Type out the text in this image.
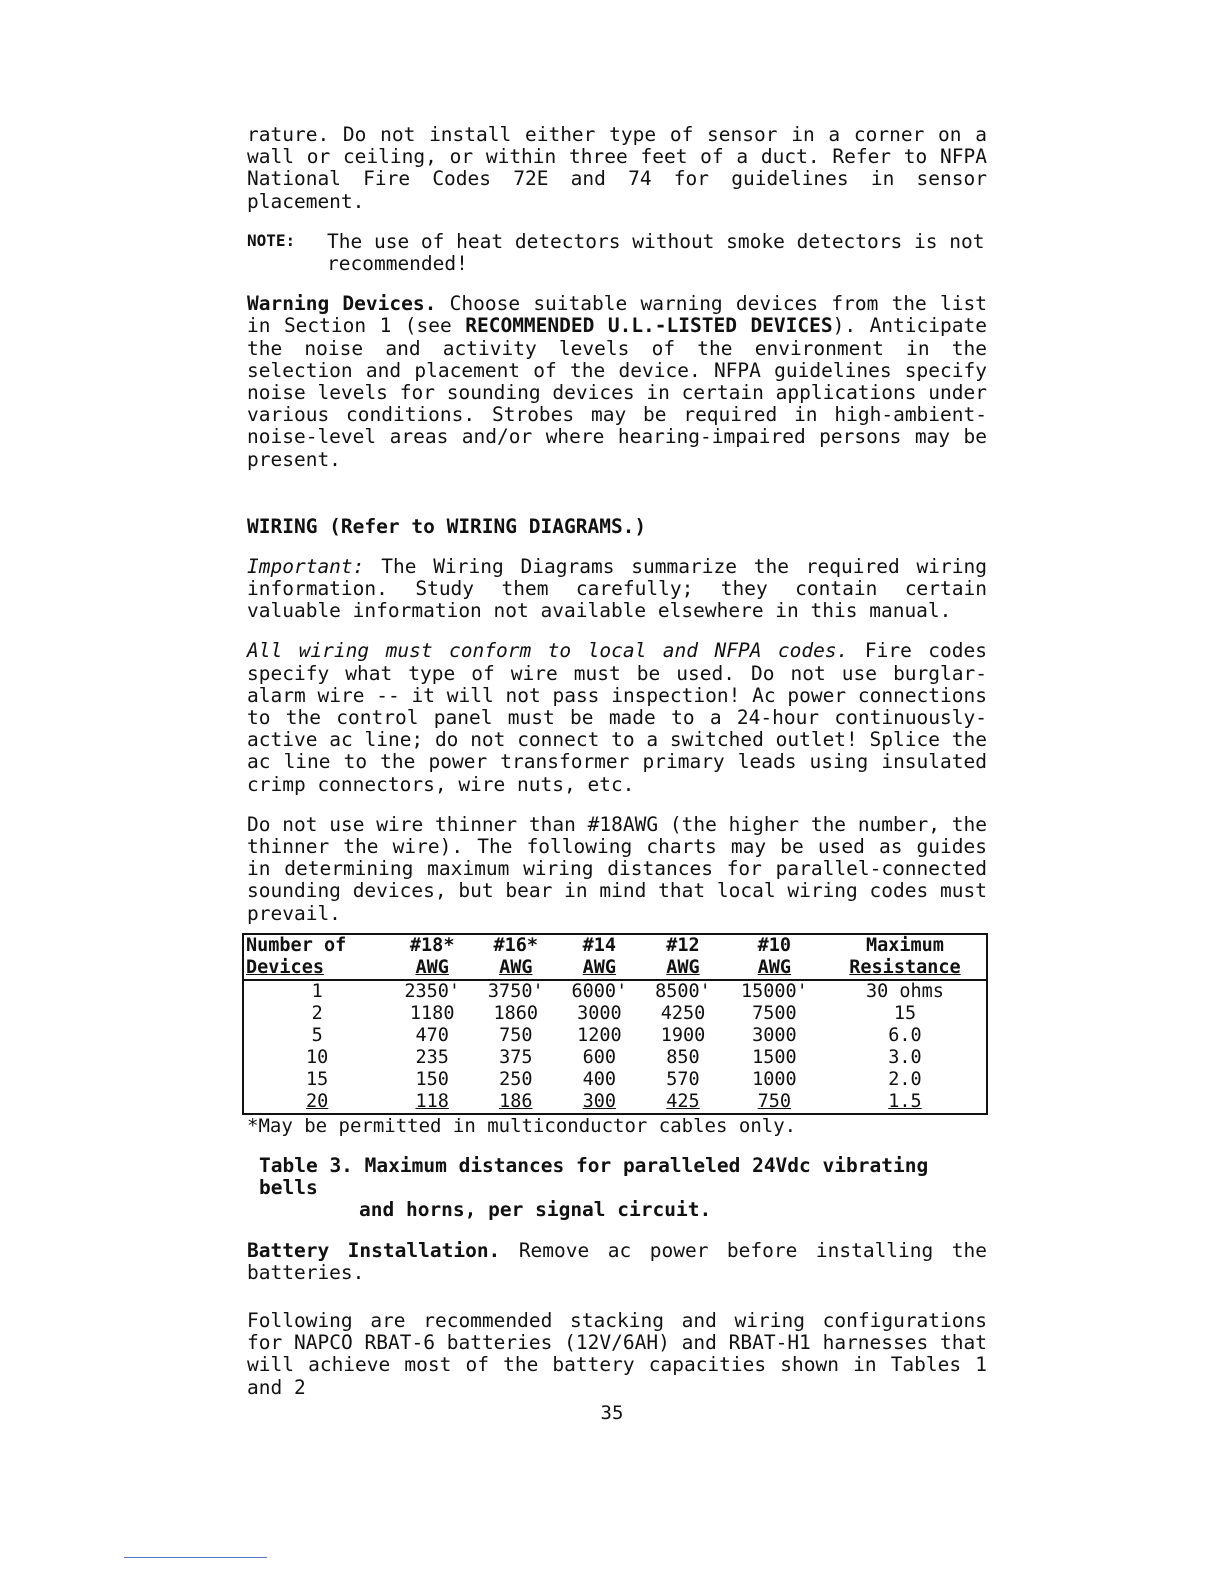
rature. Do not install either type of sensor in a corner on a wall or ceiling, or within three feet of a duct. Refer to NFPA National Fire Codes 72E and 74 for guidelines in sensor placement.

NOTE:	The use of heat detectors without smoke detectors is not recommended!

Warning Devices. Choose suitable warning devices from the list in Section 1 (see RECOMMENDED U.L.-LISTED DEVICES). Anticipate the noise and activity levels of the environment in the selection and placement of the device. NFPA guidelines specify noise levels for sounding devices in certain applications under various conditions. Strobes may be required in high-ambient-noise-level areas and/or where hearing-impaired persons may be present.

WIRING (Refer to WIRING DIAGRAMS.)

Important: The Wiring Diagrams summarize the required wiring information. Study them carefully; they contain certain valuable information not available elsewhere in this manual.

All wiring must conform to local and NFPA codes. Fire codes specify what type of wire must be used. Do not use burglar-alarm wire -- it will not pass inspection! Ac power connections to the control panel must be made to a 24-hour continuously-active ac line; do not connect to a switched outlet! Splice the ac line to the power transformer primary leads using insulated crimp connectors, wire nuts, etc.

Do not use wire thinner than #18AWG (the higher the number, the thinner the wire). The following charts may be used as guides in determining maximum wiring distances for parallel-connected sounding devices, but bear in mind that local wiring codes must prevail.

Number of	#18*	#16*	#14	#12	#10	Maximum
Devices	AWG	AWG	AWG	AWG	AWG	Resistance
1	2350'	3750'	6000'	8500'	15000'	30 ohms
2	1180	1860	3000	4250	7500	15
5	470	750	1200	1900	3000	6.0
10	235	375	600	850	1500	3.0
15	150	250	400	570	1000	2.0
20	118	186	300	425	750	1.5
*May be permitted in multiconductor cables only.
Table 3. Maximum distances for paralleled 24Vdc vibrating bells
and horns, per signal circuit.

Battery Installation. Remove ac power before installing the batteries.

Following are recommended stacking and wiring configurations for NAPCO RBAT-6 batteries (12V/6AH) and RBAT-H1 harnesses that will achieve most of the battery capacities shown in Tables 1 and 2

35
